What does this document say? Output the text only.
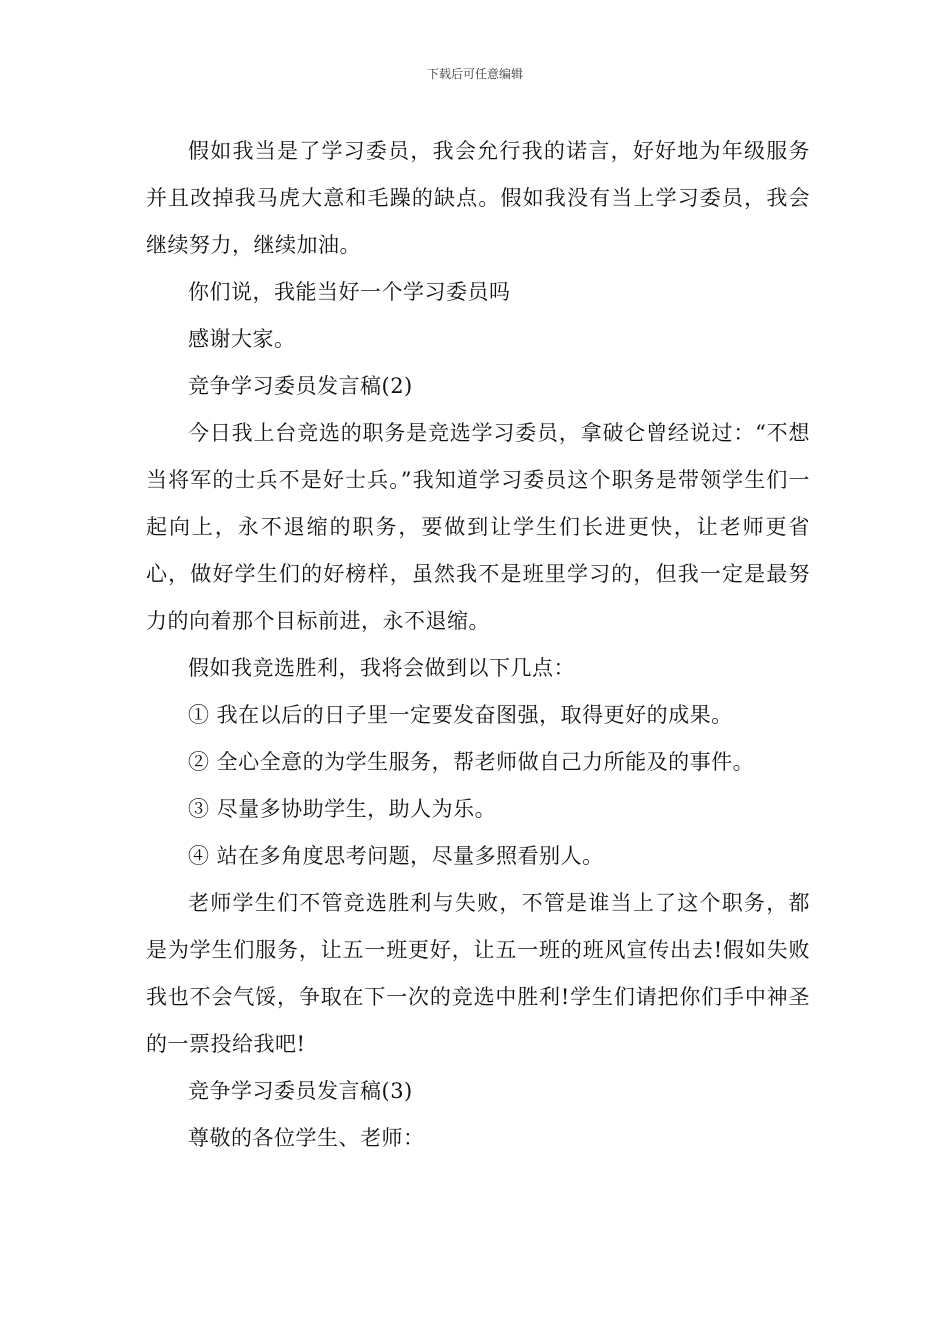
下载后可任意编辑

假如我当是了学习委员，我会允行我的诺言，好好地为年级服务并且改掉我马虎大意和毛躁的缺点。假如我没有当上学习委员，我会继续努力，继续加油。

你们说，我能当好一个学习委员吗

感谢大家。

竞争学习委员发言稿(2)

今日我上台竞选的职务是竞选学习委员，拿破仑曾经说过：“不想当将军的士兵不是好士兵。”我知道学习委员这个职务是带领学生们一起向上，永不退缩的职务，要做到让学生们长进更快，让老师更省心，做好学生们的好榜样，虽然我不是班里学习的，但我一定是最努力的向着那个目标前进，永不退缩。

假如我竞选胜利，我将会做到以下几点：

① 我在以后的日子里一定要发奋图强，取得更好的成果。

② 全心全意的为学生服务，帮老师做自己力所能及的事件。

③ 尽量多协助学生，助人为乐。

④ 站在多角度思考问题，尽量多照看别人。

老师学生们不管竞选胜利与失败，不管是谁当上了这个职务，都是为学生们服务，让五一班更好，让五一班的班风宣传出去!假如失败我也不会气馁，争取在下一次的竞选中胜利!学生们请把你们手中神圣的一票投给我吧!

竞争学习委员发言稿(3)

尊敬的各位学生、老师：
